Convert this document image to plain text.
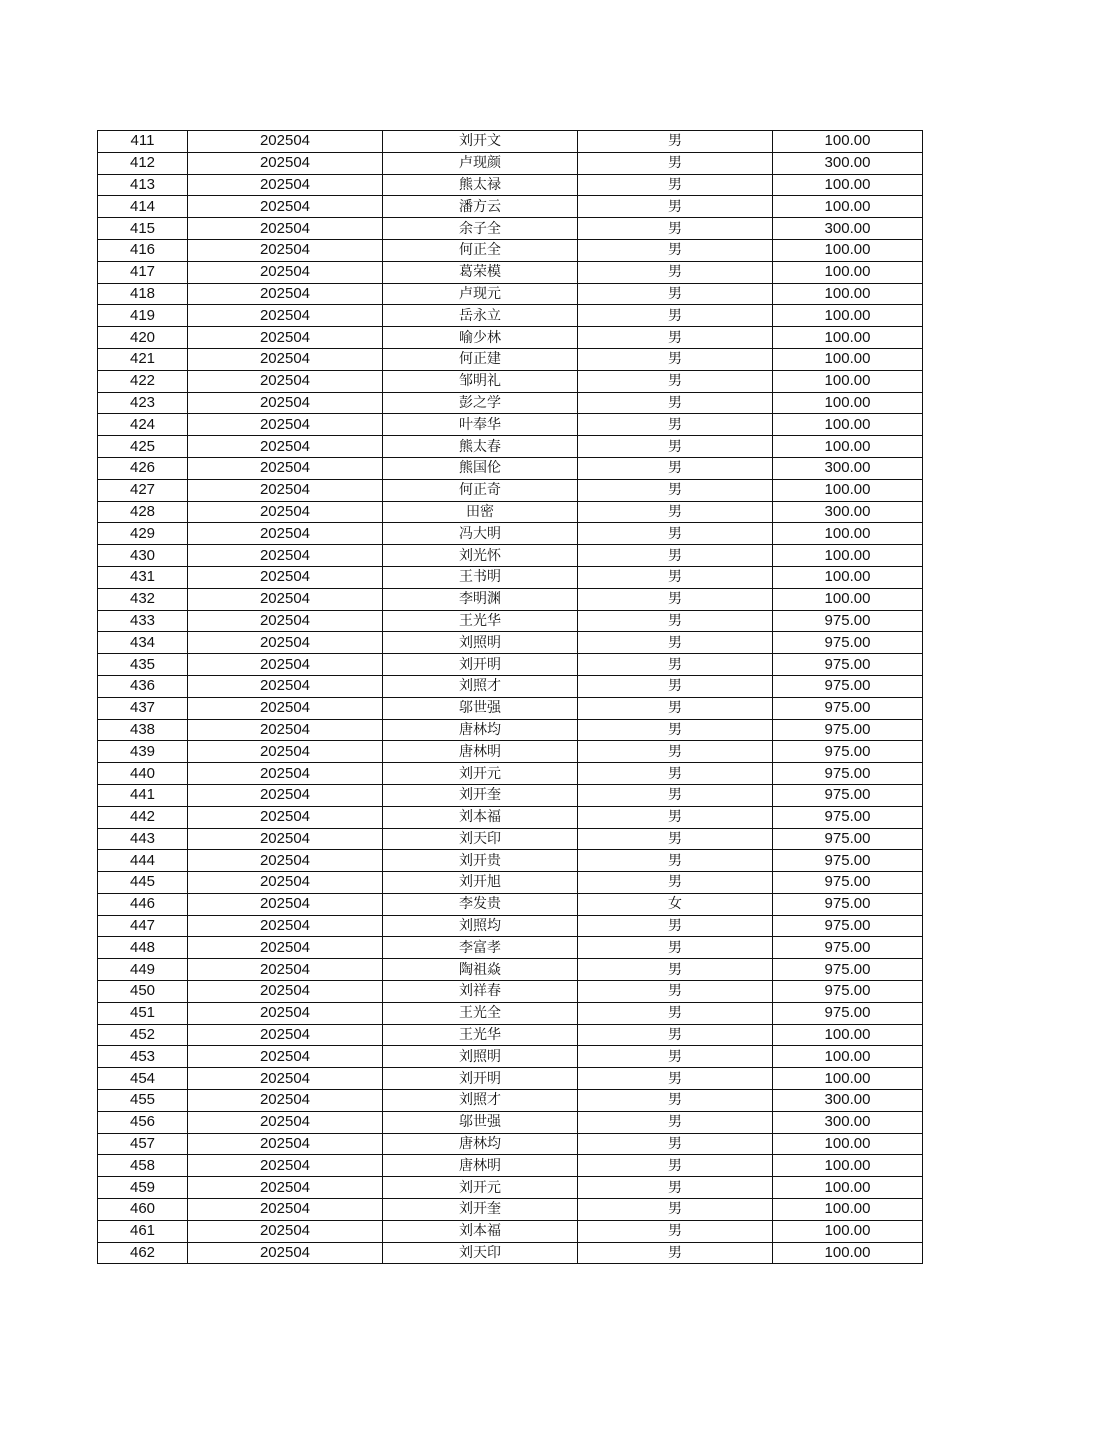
411	202504	刘开文	男	100.00
412	202504	卢现颜	男	300.00
413	202504	熊太禄	男	100.00
414	202504	潘方云	男	100.00
415	202504	余子全	男	300.00
416	202504	何正全	男	100.00
417	202504	葛荣模	男	100.00
418	202504	卢现元	男	100.00
419	202504	岳永立	男	100.00
420	202504	喻少林	男	100.00
421	202504	何正建	男	100.00
422	202504	邹明礼	男	100.00
423	202504	彭之学	男	100.00
424	202504	叶奉华	男	100.00
425	202504	熊太春	男	100.00
426	202504	熊国伦	男	300.00
427	202504	何正奇	男	100.00
428	202504	田密	男	300.00
429	202504	冯大明	男	100.00
430	202504	刘光怀	男	100.00
431	202504	王书明	男	100.00
432	202504	李明渊	男	100.00
433	202504	王光华	男	975.00
434	202504	刘照明	男	975.00
435	202504	刘开明	男	975.00
436	202504	刘照才	男	975.00
437	202504	邬世强	男	975.00
438	202504	唐林均	男	975.00
439	202504	唐林明	男	975.00
440	202504	刘开元	男	975.00
441	202504	刘开奎	男	975.00
442	202504	刘本福	男	975.00
443	202504	刘天印	男	975.00
444	202504	刘开贵	男	975.00
445	202504	刘开旭	男	975.00
446	202504	李发贵	女	975.00
447	202504	刘照均	男	975.00
448	202504	李富孝	男	975.00
449	202504	陶祖焱	男	975.00
450	202504	刘祥春	男	975.00
451	202504	王光全	男	975.00
452	202504	王光华	男	100.00
453	202504	刘照明	男	100.00
454	202504	刘开明	男	100.00
455	202504	刘照才	男	300.00
456	202504	邬世强	男	300.00
457	202504	唐林均	男	100.00
458	202504	唐林明	男	100.00
459	202504	刘开元	男	100.00
460	202504	刘开奎	男	100.00
461	202504	刘本福	男	100.00
462	202504	刘天印	男	100.00
